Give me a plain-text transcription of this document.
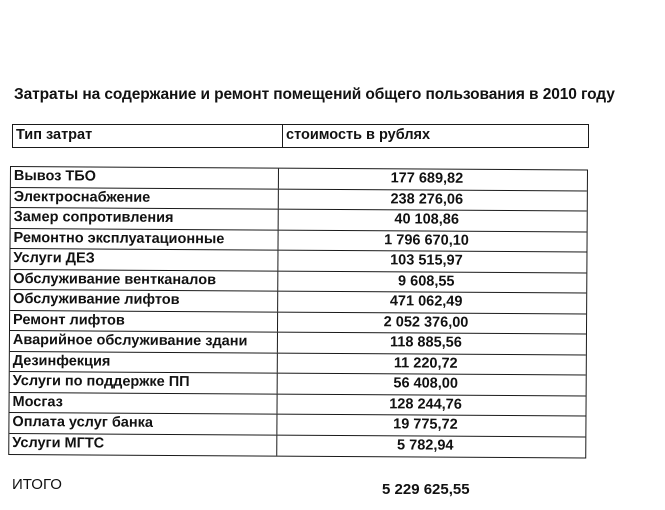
Затраты на содержание и ремонт помещений общего пользования в 2010 году
Тип затрат	стоимость в рублях
Вывоз ТБО	177 689,82
Электроснабжение	238 276,06
Замер сопротивления	40 108,86
Ремонтно эксплуатационные	1 796 670,10
Услуги ДЕЗ	103 515,97
Обслуживание вентканалов	9 608,55
Обслуживание лифтов	471 062,49
Ремонт лифтов	2 052 376,00
Аварийное обслуживание здани	118 885,56
Дезинфекция	11 220,72
Услуги по поддержке ПП	56 408,00
Мосгаз	128 244,76
Оплата услуг банка	19 775,72
Услуги МГТС	5 782,94
ИТОГО	5 229 625,55
